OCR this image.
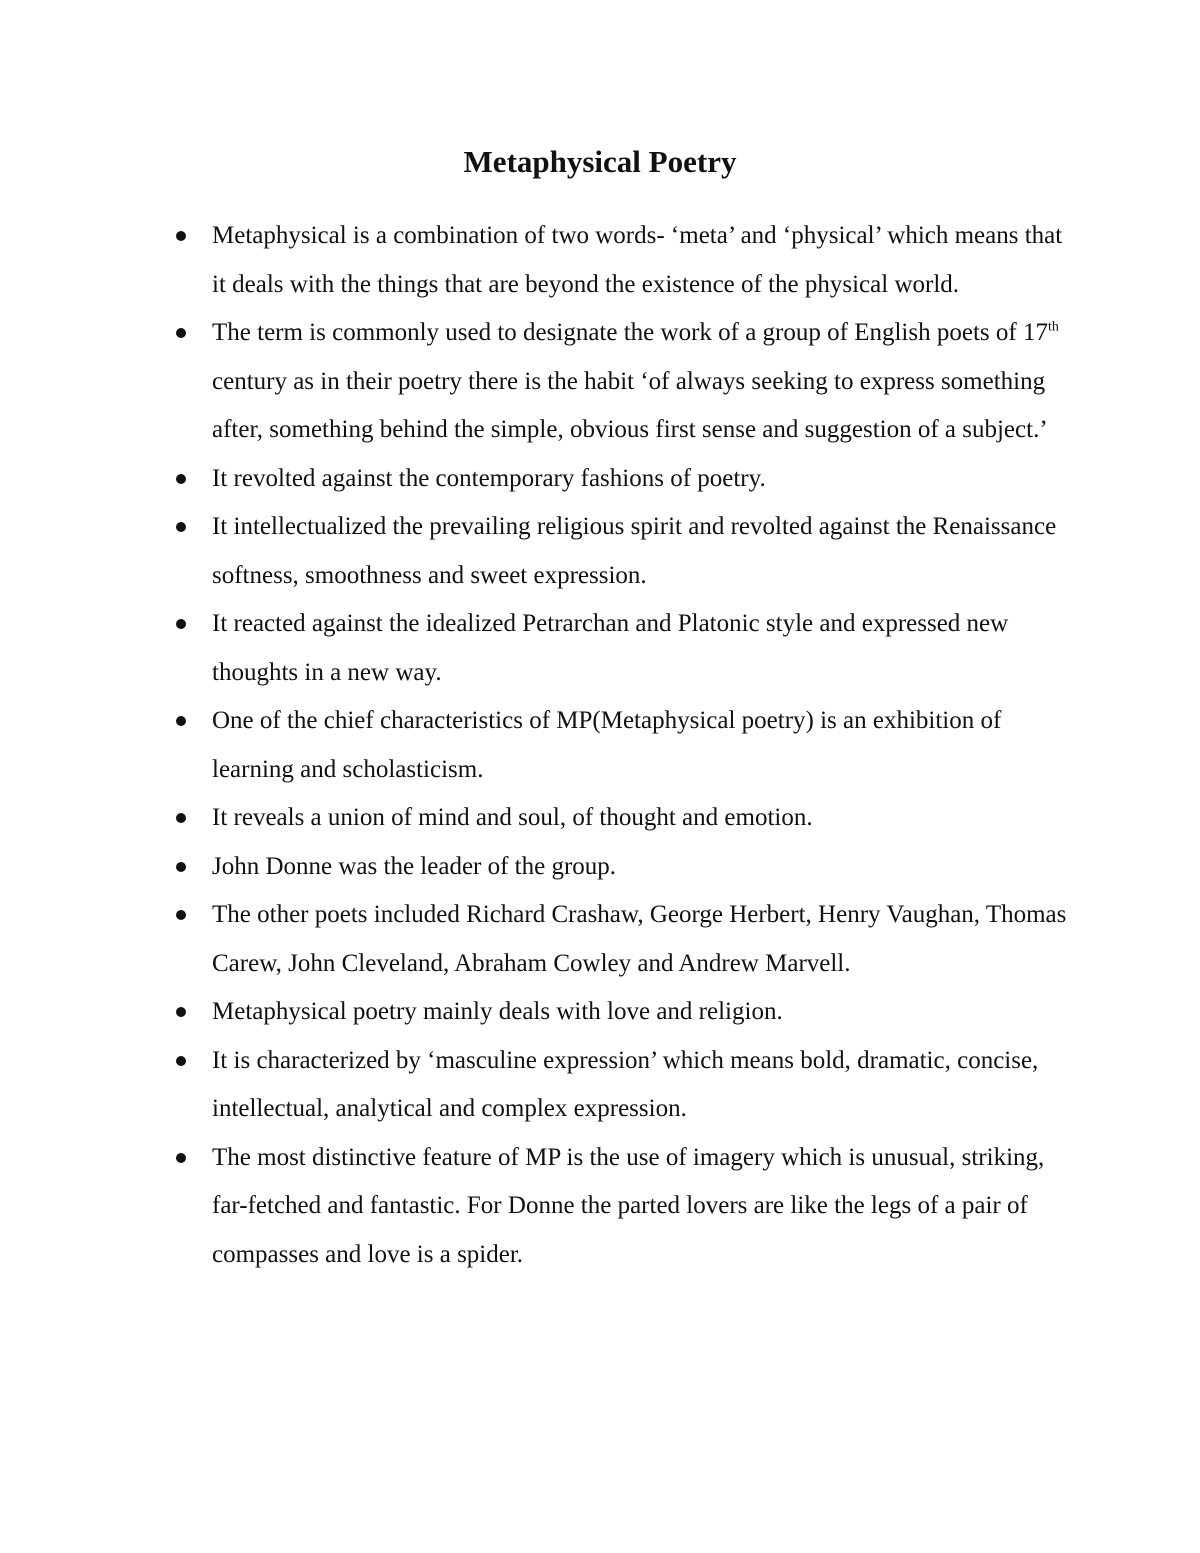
Metaphysical Poetry
Metaphysical is a combination of two words- ‘meta’ and ‘physical’ which means that it deals with the things that are beyond the existence of the physical world.
The term is commonly used to designate the work of a group of English poets of 17th century as in their poetry there is the habit ‘of always seeking to express something after, something behind the simple, obvious first sense and suggestion of a subject.’
It revolted against the contemporary fashions of poetry.
It intellectualized the prevailing religious spirit and revolted against the Renaissance softness, smoothness and sweet expression.
It reacted against the idealized Petrarchan and Platonic style and expressed new thoughts in a new way.
One of the chief characteristics of MP(Metaphysical poetry) is an exhibition of learning and scholasticism.
It reveals a union of mind and soul, of thought and emotion.
John Donne was the leader of the group.
The other poets included Richard Crashaw, George Herbert, Henry Vaughan, Thomas Carew, John Cleveland, Abraham Cowley and Andrew Marvell.
Metaphysical poetry mainly deals with love and religion.
It is characterized by ‘masculine expression’ which means bold, dramatic, concise, intellectual, analytical and complex expression.
The most distinctive feature of MP is the use of imagery which is unusual, striking, far-fetched and fantastic. For Donne the parted lovers are like the legs of a pair of compasses and love is a spider.
